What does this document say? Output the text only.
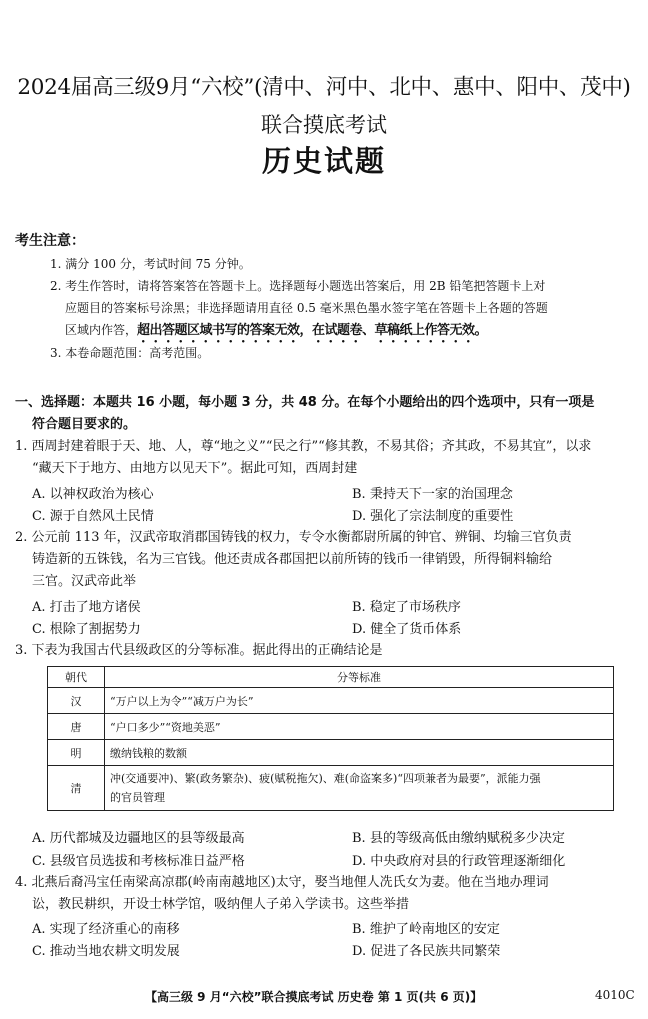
2024届高三级9月“六校”(清中、河中、北中、惠中、阳中、茂中)
联合摸底考试
历史试题
考生注意：
1. 满分 100 分，考试时间 75 分钟。
2. 考生作答时，请将答案答在答题卡上。选择题每小题选出答案后，用 2B 铅笔把答题卡上对
应题目的答案标号涂黑；非选择题请用直径 0.5 毫米黑色墨水签字笔在答题卡上各题的答题
区域内作答，超出答题区域书写的答案无效，在试题卷、草稿纸上作答无效。
3. 本卷命题范围：高考范围。
一、选择题：本题共 16 小题，每小题 3 分，共 48 分。在每个小题给出的四个选项中，只有一项是
符合题目要求的。
1. 西周封建着眼于天、地、人，尊“地之义”“民之行”“修其教，不易其俗；齐其政，不易其宜”，以求
“藏天下于地方、由地方以见天下”。据此可知，西周封建
A. 以神权政治为核心	B. 秉持天下一家的治国理念
C. 源于自然风土民情	D. 强化了宗法制度的重要性
2. 公元前 113 年，汉武帝取消郡国铸钱的权力，专令水衡都尉所属的钟官、辨铜、均输三官负责
铸造新的五铢钱，名为三官钱。他还责成各郡国把以前所铸的钱币一律销毁，所得铜料输给
三官。汉武帝此举
A. 打击了地方诸侯	B. 稳定了市场秩序
C. 根除了割据势力	D. 健全了货币体系
3. 下表为我国古代县级政区的分等标准。据此得出的正确结论是
朝代	分等标准
汉	“万户以上为令”“减万户为长”
唐	“户口多少”“资地美恶”
明	缴纳钱粮的数额
清	冲(交通要冲)、繁(政务繁杂)、疲(赋税拖欠)、难(命盗案多)“四项兼者为最要”，派能力强
的官员管理
A. 历代都城及边疆地区的县等级最高	B. 县的等级高低由缴纳赋税多少决定
C. 县级官员选拔和考核标准日益严格	D. 中央政府对县的行政管理逐渐细化
4. 北燕后裔冯宝任南梁高凉郡(岭南南越地区)太守，娶当地俚人冼氏女为妻。他在当地办理词
讼，教民耕织，开设士林学馆，吸纳俚人子弟入学读书。这些举措
A. 实现了经济重心的南移	B. 维护了岭南地区的安定
C. 推动当地农耕文明发展	D. 促进了各民族共同繁荣
【高三级 9 月“六校”联合摸底考试 历史卷 第 1 页(共 6 页)】	4010C
